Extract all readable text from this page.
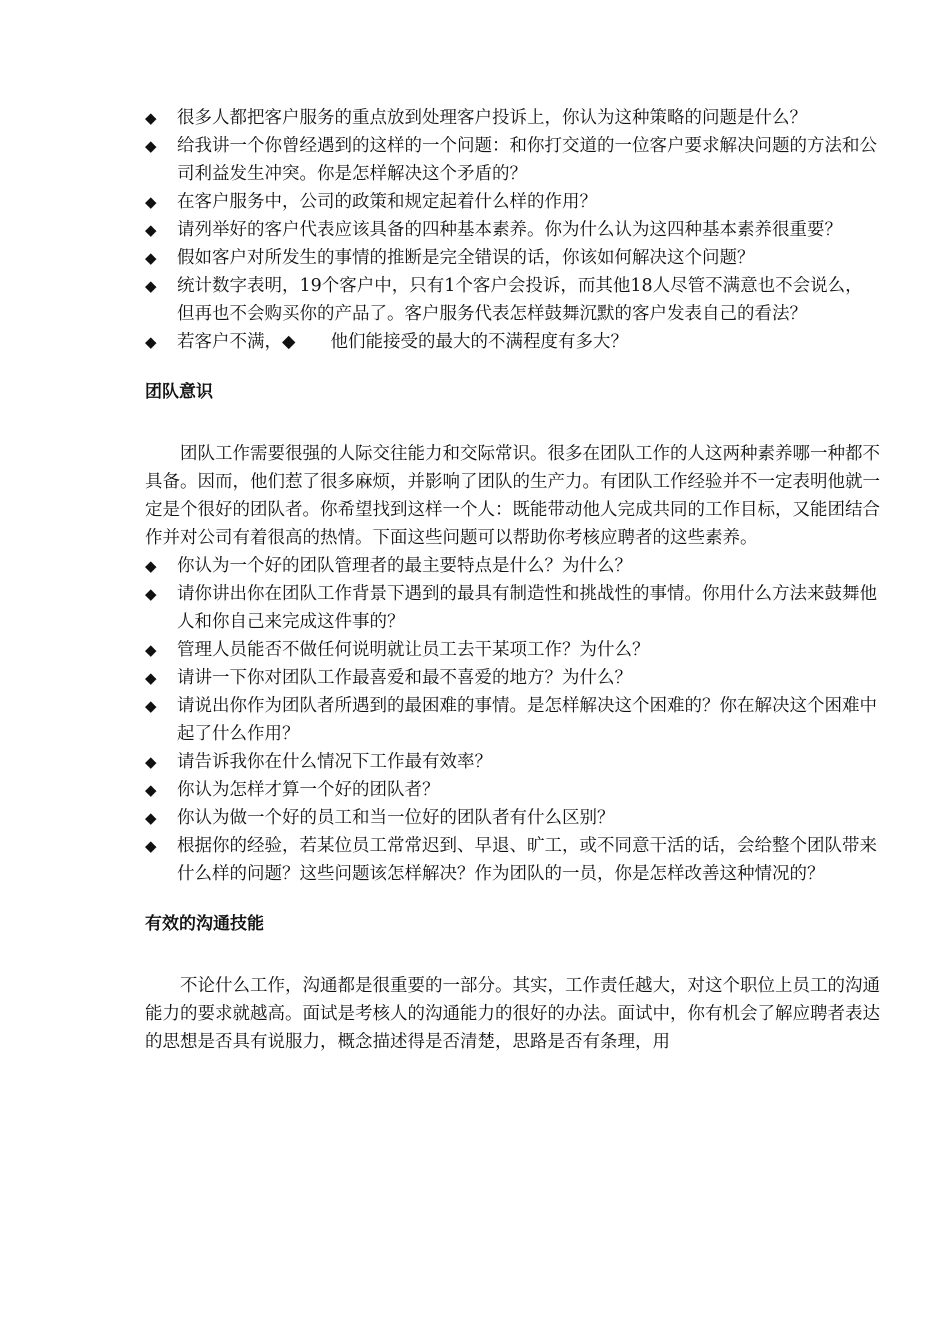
◆ 很多人都把客户服务的重点放到处理客户投诉上，你认为这种策略的问题是什么？
◆ 给我讲一个你曾经遇到的这样的一个问题：和你打交道的一位客户要求解决问题的方法和公司利益发生冲突。你是怎样解决这个矛盾的？
◆ 在客户服务中，公司的政策和规定起着什么样的作用？
◆ 请列举好的客户代表应该具备的四种基本素养。你为什么认为这四种基本素养很重要？
◆ 假如客户对所发生的事情的推断是完全错误的话，你该如何解决这个问题？
◆ 统计数字表明，19个客户中，只有1个客户会投诉，而其他18人尽管不满意也不会说么，但再也不会购买你的产品了。客户服务代表怎样鼓舞沉默的客户发表自己的看法？
◆ 若客户不满，◆　　他们能接受的最大的不满程度有多大？
团队意识

团队工作需要很强的人际交往能力和交际常识。很多在团队工作的人这两种素养哪一种都不具备。因而，他们惹了很多麻烦，并影响了团队的生产力。有团队工作经验并不一定表明他就一定是个很好的团队者。你希望找到这样一个人：既能带动他人完成共同的工作目标，又能团结合作并对公司有着很高的热情。下面这些问题可以帮助你考核应聘者的这些素养。

◆ 你认为一个好的团队管理者的最主要特点是什么？为什么？
◆ 请你讲出你在团队工作背景下遇到的最具有制造性和挑战性的事情。你用什么方法来鼓舞他人和你自己来完成这件事的？
◆ 管理人员能否不做任何说明就让员工去干某项工作？为什么？
◆ 请讲一下你对团队工作最喜爱和最不喜爱的地方？为什么？
◆ 请说出你作为团队者所遇到的最困难的事情。是怎样解决这个困难的？你在解决这个困难中起了什么作用？
◆ 请告诉我你在什么情况下工作最有效率？
◆ 你认为怎样才算一个好的团队者？
◆ 你认为做一个好的员工和当一位好的团队者有什么区别？
◆ 根据你的经验，若某位员工常常迟到、早退、旷工，或不同意干活的话，会给整个团队带来什么样的问题？这些问题该怎样解决？作为团队的一员，你是怎样改善这种情况的？
有效的沟通技能

不论什么工作，沟通都是很重要的一部分。其实，工作责任越大，对这个职位上员工的沟通能力的要求就越高。面试是考核人的沟通能力的很好的办法。面试中，你有机会了解应聘者表达的思想是否具有说服力，概念描述得是否清楚，思路是否有条理，用
